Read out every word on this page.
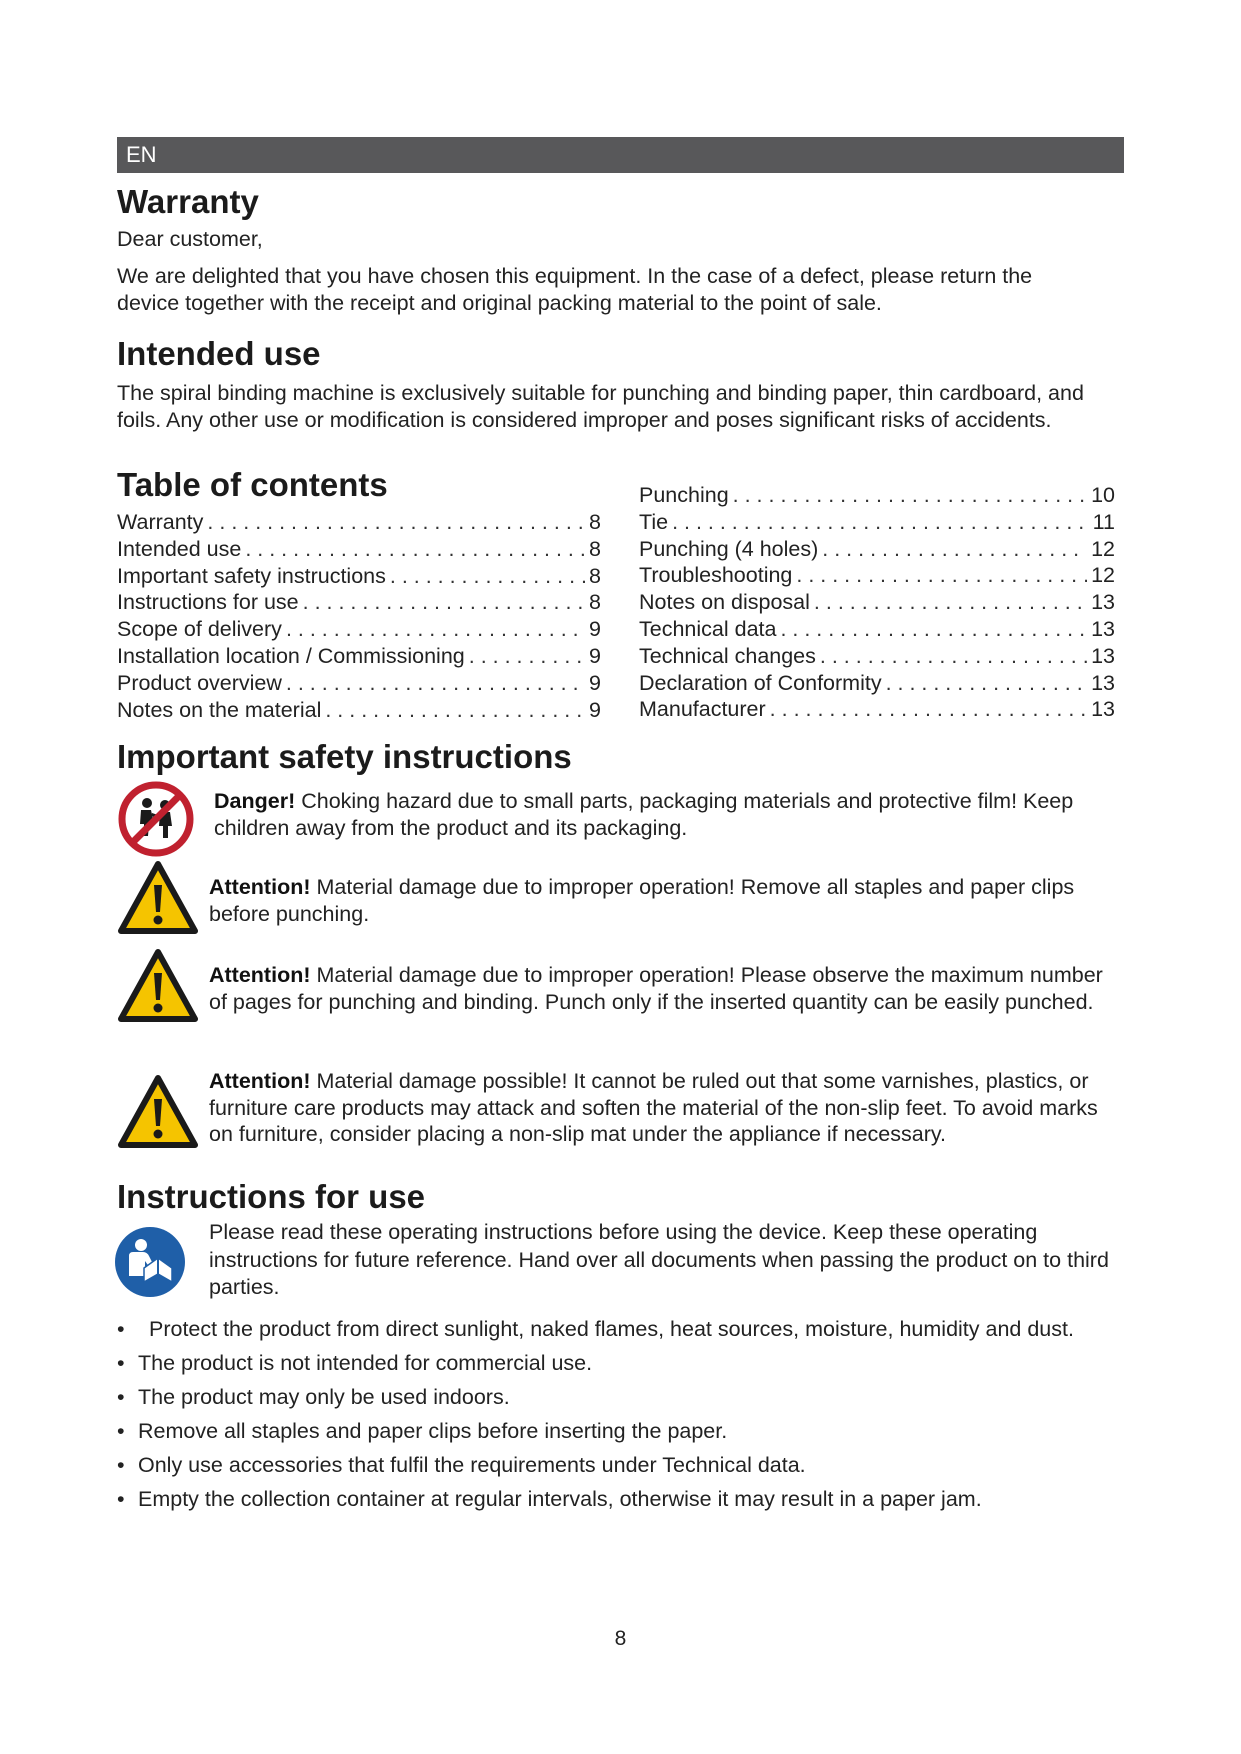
EN
Warranty

Dear customer,

We are delighted that you have chosen this equipment. In the case of a defect, please return the device together with the receipt and original packing material to the point of sale.

Intended use

The spiral binding machine is exclusively suitable for punching and binding paper, thin cardboard, and foils. Any other use or modification is considered improper and poses significant risks of accidents.

Table of contents
Warranty . . .	8
Intended use . . .	8
Important safety instructions . . .	8
Instructions for use . . .	8
Scope of delivery . . .	9
Installation location / Commissioning . . .	9
Product overview . . .	9
Notes on the material . . .	9
Punching . . .	10
Tie . . .	11
Punching (4 holes) . . .	12
Troubleshooting . . .	12
Notes on disposal . . .	13
Technical data . . .	13
Technical changes . . .	13
Declaration of Conformity . . .	13
Manufacturer . . .	13
Important safety instructions
Danger! Choking hazard due to small parts, packaging materials and protective film! Keep children away from the product and its packaging.
Attention! Material damage due to improper operation! Remove all staples and paper clips before punching.
Attention! Material damage due to improper operation! Please observe the maximum number of pages for punching and binding. Punch only if the inserted quantity can be easily punched.
Attention! Material damage possible! It cannot be ruled out that some varnishes, plastics, or furniture care products may attack and soften the material of the non-slip feet. To avoid marks on furniture, consider placing a non-slip mat under the appliance if necessary.
Instructions for use

Please read these operating instructions before using the device. Keep these operating instructions for future reference. Hand over all documents when passing the product on to third parties.

• Protect the product from direct sunlight, naked flames, heat sources, moisture, humidity and dust.
• The product is not intended for commercial use.
• The product may only be used indoors.
• Remove all staples and paper clips before inserting the paper.
• Only use accessories that fulfil the requirements under Technical data.
• Empty the collection container at regular intervals, otherwise it may result in a paper jam.
8
